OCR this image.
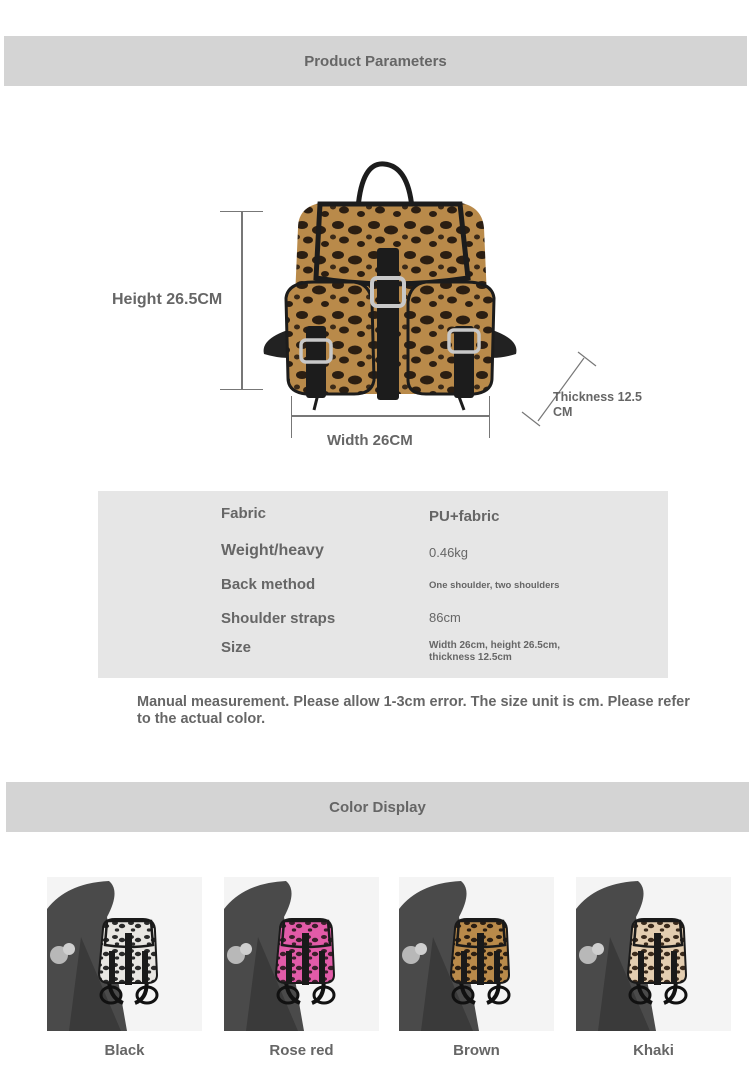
Product Parameters
Height 26.5CM
Width 26CM
Thickness 12.5 CM
Fabric	PU+fabric
Weight/heavy	0.46kg
Back method	One shoulder, two shoulders
Shoulder straps	86cm
Size	Width 26cm, height 26.5cm, thickness 12.5cm
Manual measurement. Please allow 1-3cm error. The size unit is cm. Please refer to the actual color.
Color Display
Black	Rose red	Brown	Khaki
